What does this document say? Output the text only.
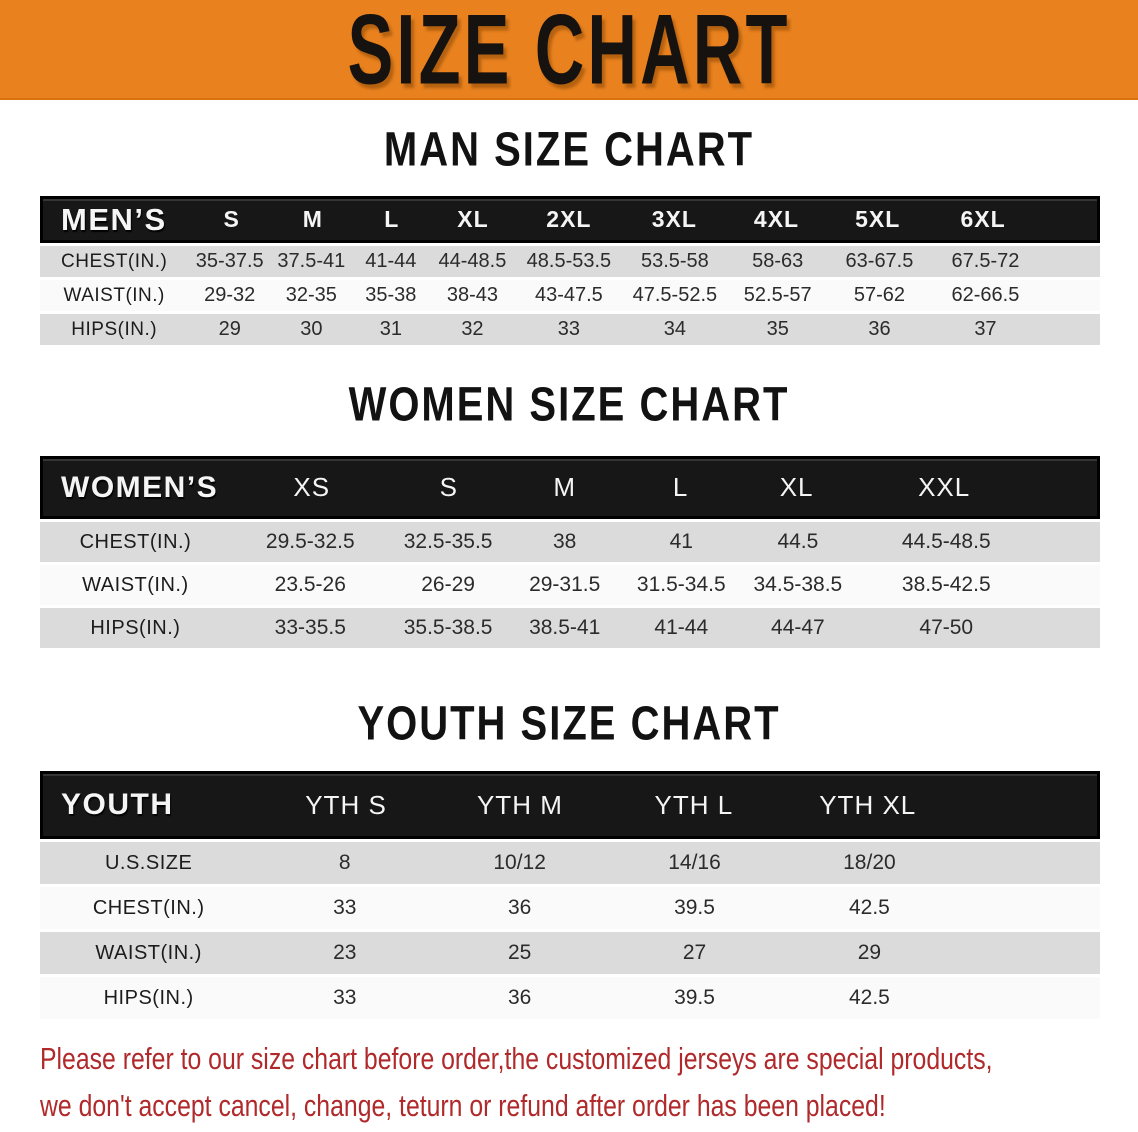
SIZE CHART
MAN SIZE CHART
MEN’S	S	M	L	XL	2XL	3XL	4XL	5XL	6XL
CHEST(IN.)	35-37.5 37.5-41	41-44	44-48.5	48.5-53.5	53.5-58	58-63	63-67.5	67.5-72
WAIST(IN.)	29-32	32-35	35-38	38-43	43-47.5	47.5-52.5	52.5-57	57-62	62-66.5
HIPS(IN.)	29	30	31	32	33	34	35	36	37
WOMEN SIZE CHART
WOMEN’S	XS	S	M	L	XL	XXL
CHEST(IN.)	29.5-32.5	32.5-35.5	38	41	44.5	44.5-48.5
WAIST(IN.)	23.5-26	26-29	29-31.5	31.5-34.5	34.5-38.5	38.5-42.5
HIPS(IN.)	33-35.5	35.5-38.5	38.5-41	41-44	44-47	47-50
YOUTH SIZE CHART
YOUTH	YTH S	YTH M	YTH L	YTH XL
U.S.SIZE	8	10/12	14/16	18/20
CHEST(IN.)	33	36	39.5	42.5
WAIST(IN.)	23	25	27	29
HIPS(IN.)	33	36	39.5	42.5
Please refer to our size chart before order,the customized jerseys are special products,
we don't accept cancel, change, teturn or refund after order has been placed!
